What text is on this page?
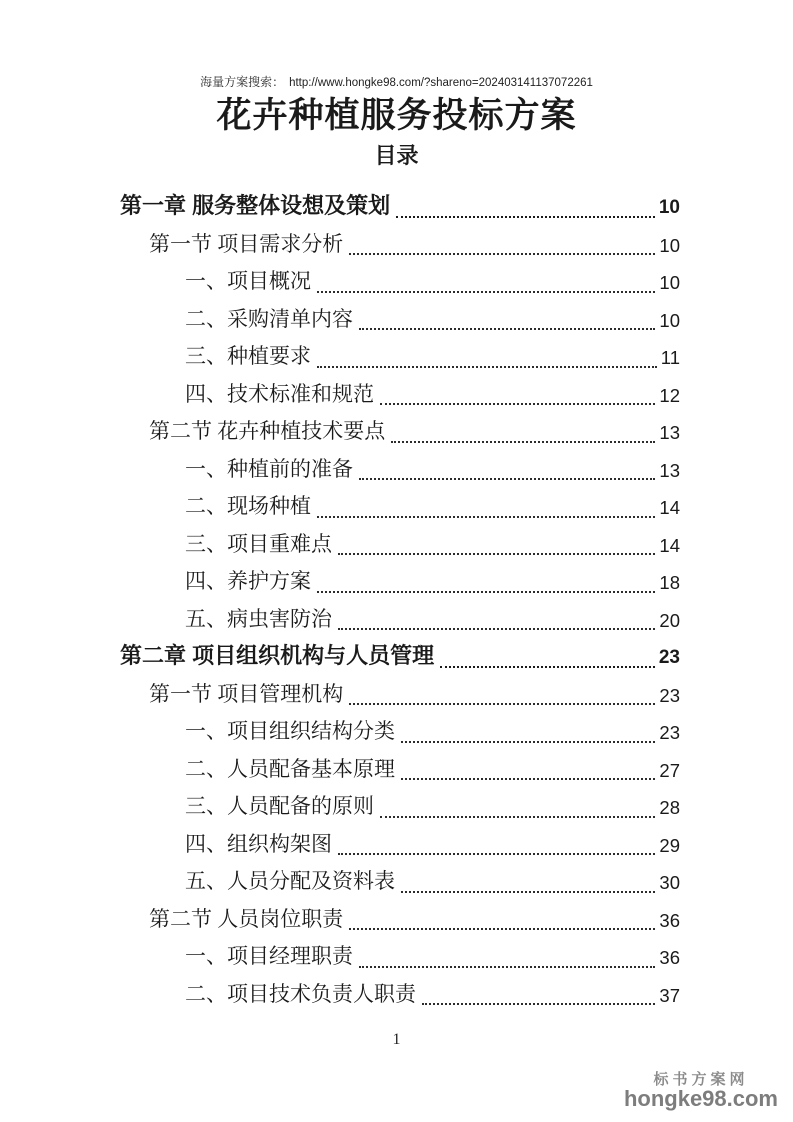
海量方案搜索： http://www.hongke98.com/?shareno=202403141137072261
花卉种植服务投标方案
目录
第一章 服务整体设想及策划	10
第一节 项目需求分析	10
一、项目概况	10
二、采购清单内容	10
三、种植要求	11
四、技术标准和规范	12
第二节 花卉种植技术要点	13
一、种植前的准备	13
二、现场种植	14
三、项目重难点	14
四、养护方案	18
五、病虫害防治	20
第二章 项目组织机构与人员管理	23
第一节 项目管理机构	23
一、项目组织结构分类	23
二、人员配备基本原理	27
三、人员配备的原则	28
四、组织构架图	29
五、人员分配及资料表	30
第二节 人员岗位职责	36
一、项目经理职责	36
二、项目技术负责人职责	37
1
标书方案网
hongke98.com
